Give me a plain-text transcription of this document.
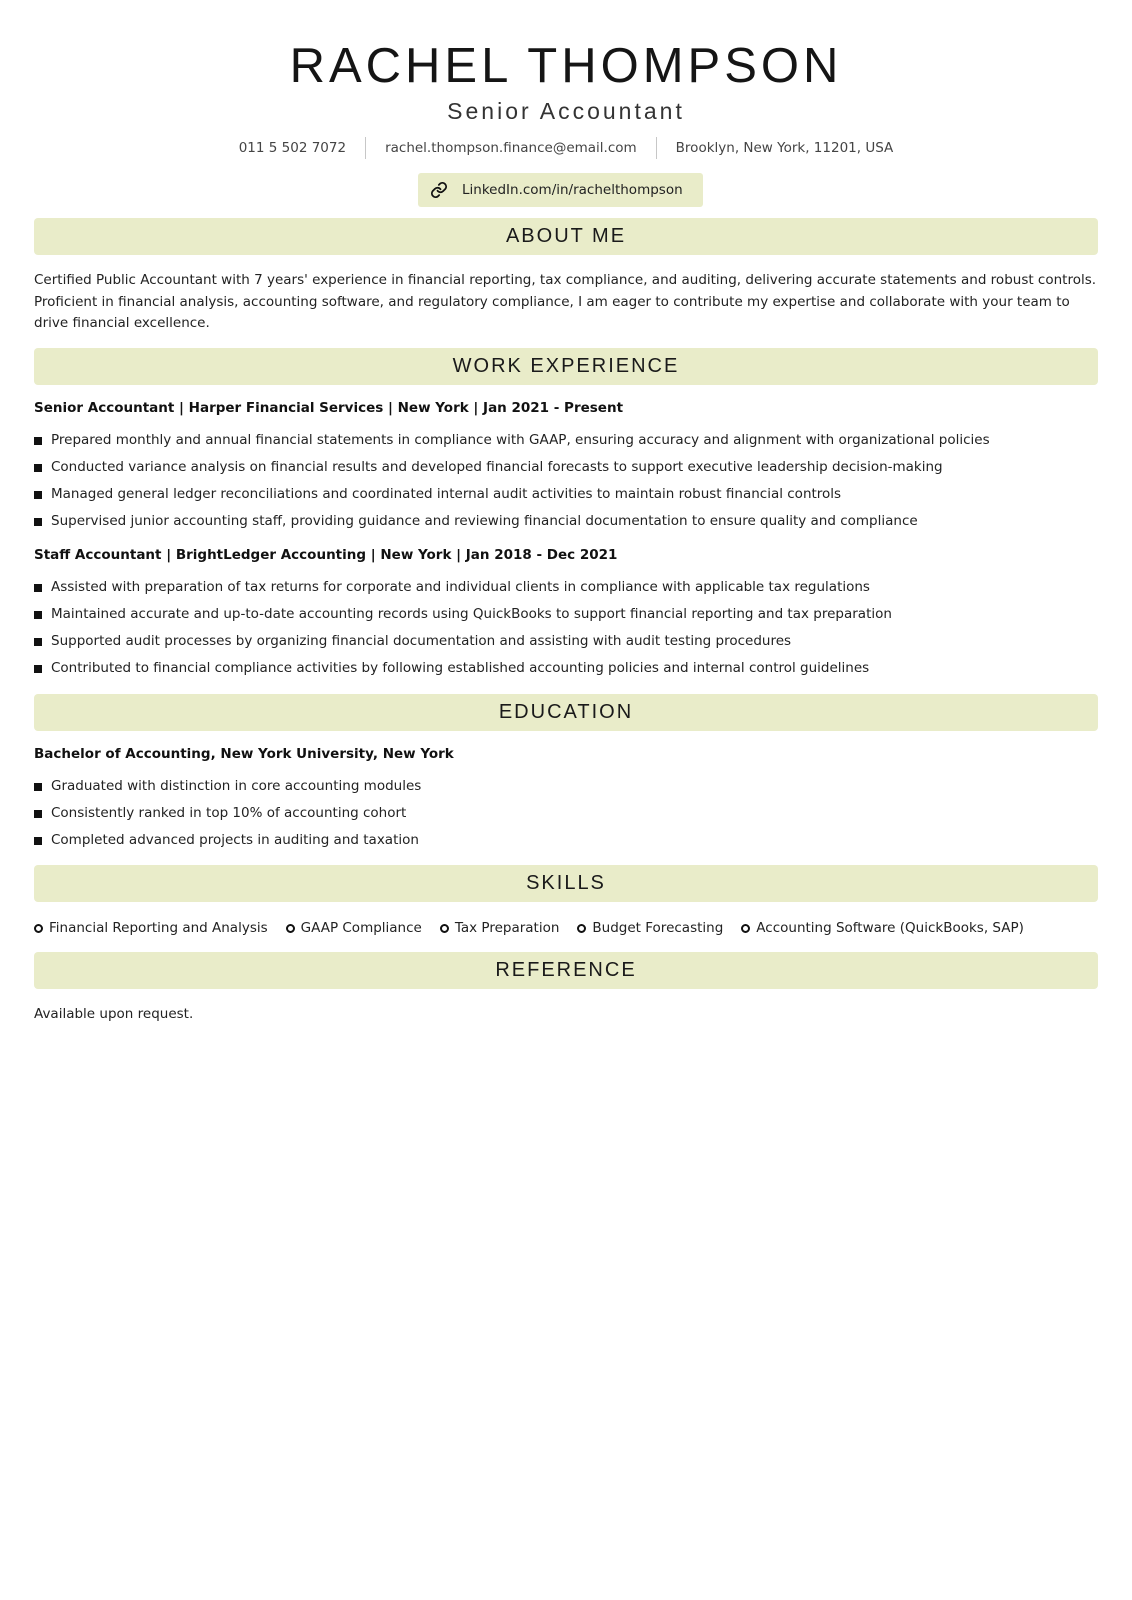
RACHEL THOMPSON
Senior Accountant
011 5 502 7072	rachel.thompson.finance@email.com	Brooklyn, New York, 11201, USA
LinkedIn.com/in/rachelthompson
ABOUT ME
Certified Public Accountant with 7 years' experience in financial reporting, tax compliance, and auditing, delivering accurate statements and robust controls. Proficient in financial analysis, accounting software, and regulatory compliance, I am eager to contribute my expertise and collaborate with your team to drive financial excellence.
WORK EXPERIENCE
Senior Accountant | Harper Financial Services | New York | Jan 2021 - Present
Prepared monthly and annual financial statements in compliance with GAAP, ensuring accuracy and alignment with organizational policies
Conducted variance analysis on financial results and developed financial forecasts to support executive leadership decision-making
Managed general ledger reconciliations and coordinated internal audit activities to maintain robust financial controls
Supervised junior accounting staff, providing guidance and reviewing financial documentation to ensure quality and compliance
Staff Accountant | BrightLedger Accounting | New York | Jan 2018 - Dec 2021
Assisted with preparation of tax returns for corporate and individual clients in compliance with applicable tax regulations
Maintained accurate and up-to-date accounting records using QuickBooks to support financial reporting and tax preparation
Supported audit processes by organizing financial documentation and assisting with audit testing procedures
Contributed to financial compliance activities by following established accounting policies and internal control guidelines
EDUCATION
Bachelor of Accounting, New York University, New York
Graduated with distinction in core accounting modules
Consistently ranked in top 10% of accounting cohort
Completed advanced projects in auditing and taxation
SKILLS
Financial Reporting and Analysis GAAP Compliance Tax Preparation Budget Forecasting Accounting Software (QuickBooks, SAP)
REFERENCE
Available upon request.
